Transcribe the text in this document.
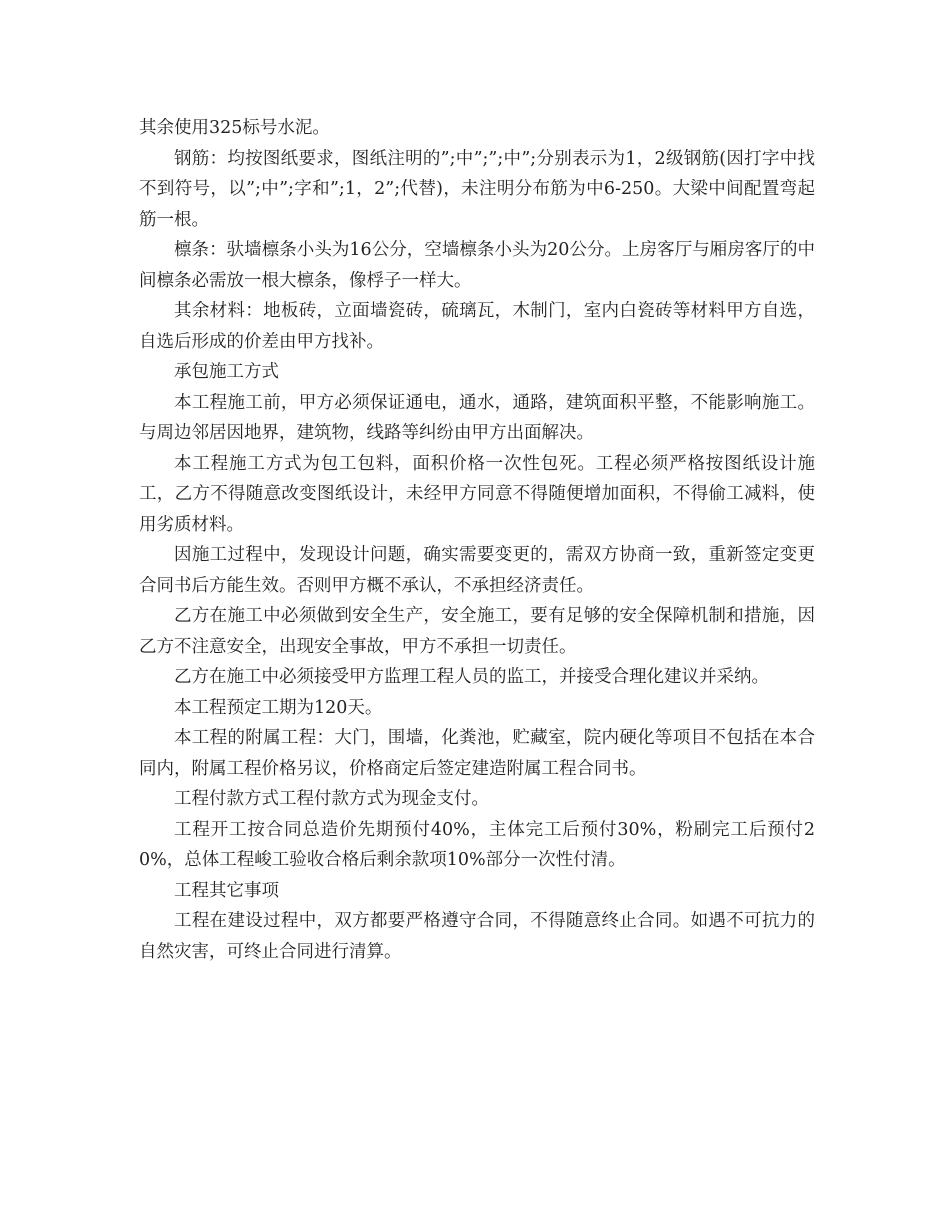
其余使用325标号水泥。

钢筋：均按图纸要求，图纸注明的”;中”;”;中”;分别表示为1，2级钢筋(因打字中找不到符号，以”;中”;字和”;1，2”;代替)，未注明分布筋为中6-250。大梁中间配置弯起筋一根。

檩条：驮墙檩条小头为16公分，空墙檩条小头为20公分。上房客厅与厢房客厅的中间檩条必需放一根大檩条，像桴子一样大。

其余材料：地板砖，立面墙瓷砖，硫璃瓦，木制门，室内白瓷砖等材料甲方自选，自选后形成的价差由甲方找补。

承包施工方式

本工程施工前，甲方必须保证通电，通水，通路，建筑面积平整，不能影响施工。与周边邻居因地界，建筑物，线路等纠纷由甲方出面解决。

本工程施工方式为包工包料，面积价格一次性包死。工程必须严格按图纸设计施工，乙方不得随意改变图纸设计，未经甲方同意不得随便增加面积，不得偷工减料，使用劣质材料。

因施工过程中，发现设计问题，确实需要变更的，需双方协商一致，重新签定变更合同书后方能生效。否则甲方概不承认，不承担经济责任。

乙方在施工中必须做到安全生产，安全施工，要有足够的安全保障机制和措施，因乙方不注意安全，出现安全事故，甲方不承担一切责任。

乙方在施工中必须接受甲方监理工程人员的监工，并接受合理化建议并采纳。

本工程预定工期为120天。

本工程的附属工程：大门，围墙，化粪池，贮藏室，院内硬化等项目不包括在本合同内，附属工程价格另议，价格商定后签定建造附属工程合同书。

工程付款方式工程付款方式为现金支付。

工程开工按合同总造价先期预付40%，主体完工后预付30%，粉刷完工后预付20%，总体工程峻工验收合格后剩余款项10%部分一次性付清。

工程其它事项

工程在建设过程中，双方都要严格遵守合同，不得随意终止合同。如遇不可抗力的自然灾害，可终止合同进行清算。
